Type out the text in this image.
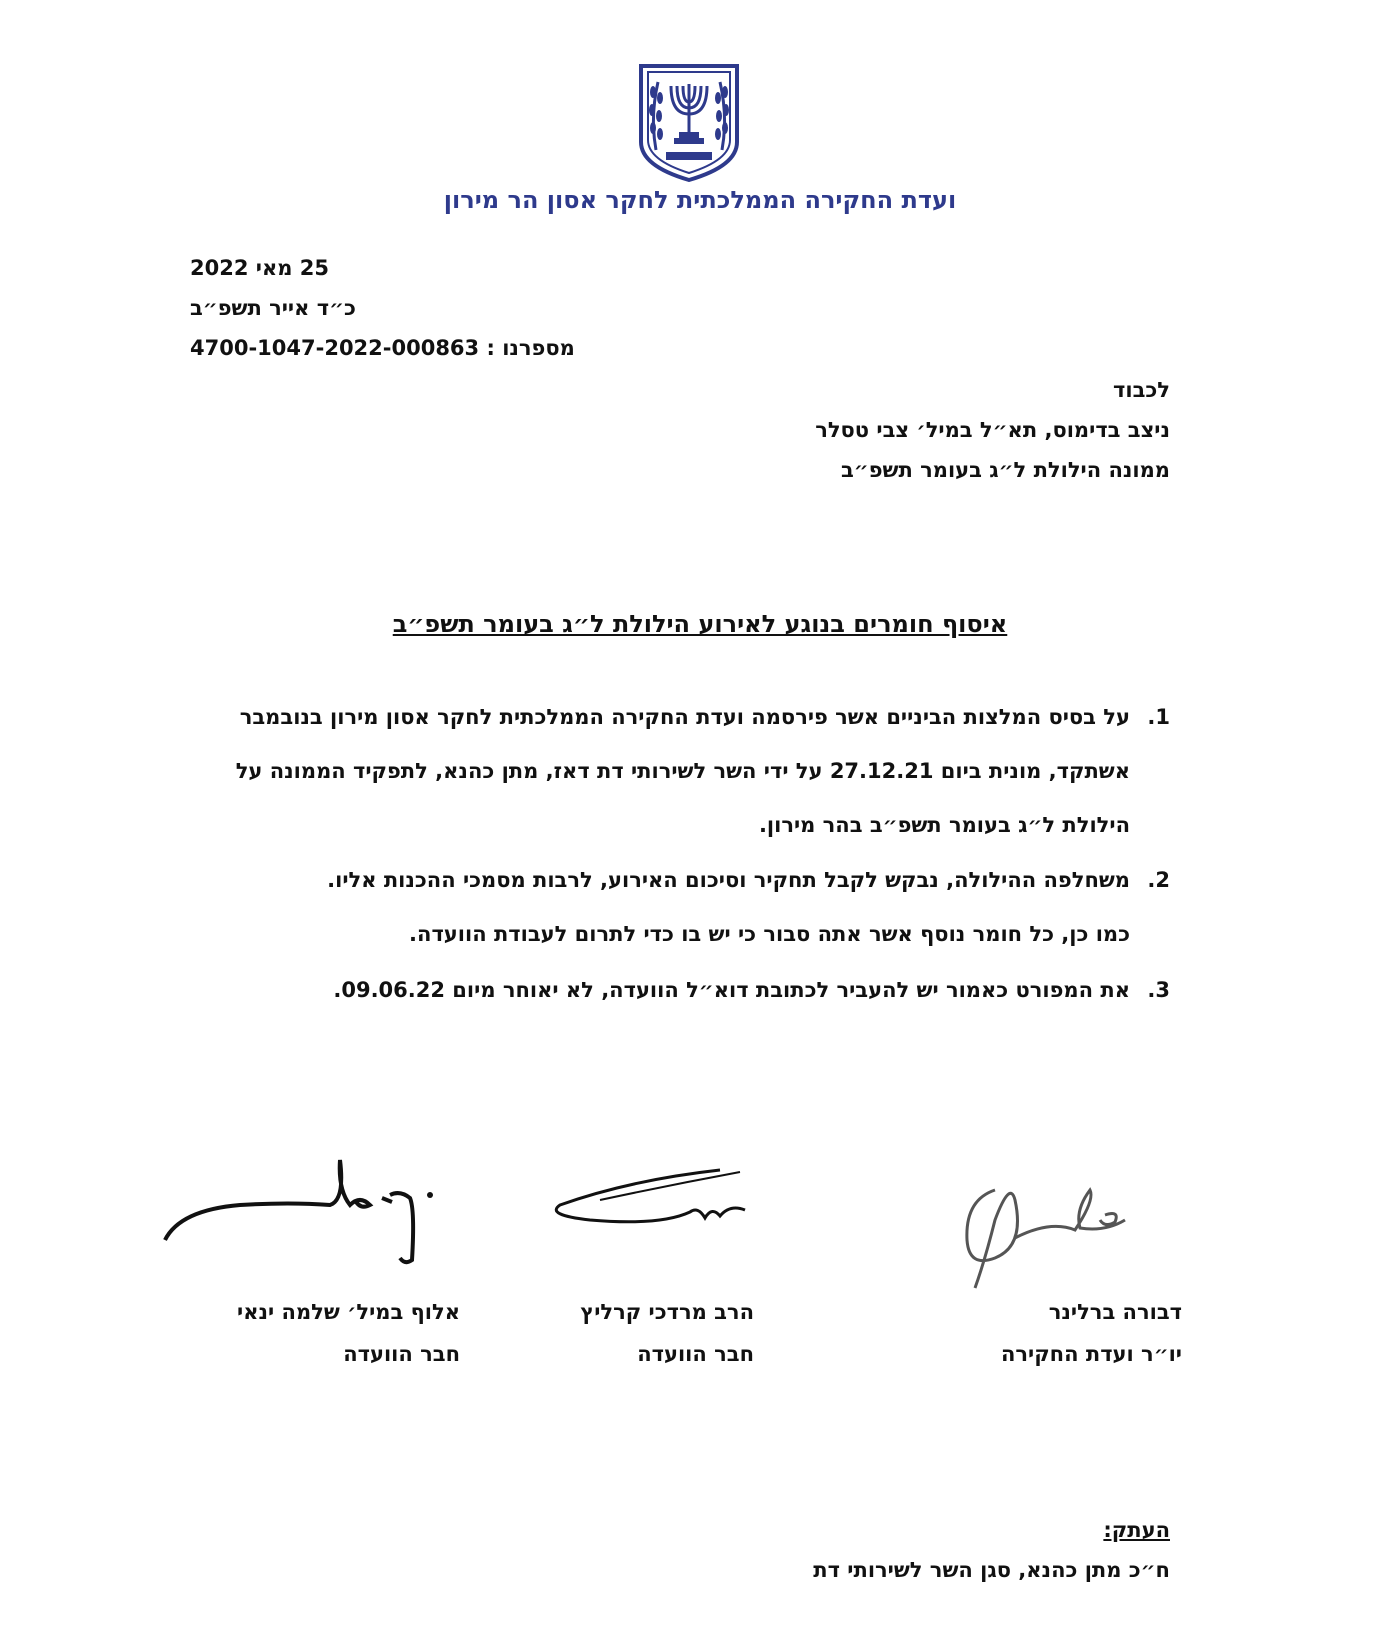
ועדת החקירה הממלכתית לחקר אסון הר מירון
25 מאי 2022
כ״ד אייר תשפ״ב
מספרנו : 4700-1047-2022-000863
לכבוד
ניצב בדימוס, תא״ל במיל׳ צבי טסלר
ממונה הילולת ל״ג בעומר תשפ״ב
איסוף חומרים בנוגע לאירוע הילולת ל״ג בעומר תשפ״ב
1.
על בסיס המלצות הביניים אשר פירסמה ועדת החקירה הממלכתית לחקר אסון מירון בנובמבר
אשתקד, מונית ביום 27.12.21 על ידי השר לשירותי דת דאז, מתן כהנא, לתפקיד הממונה על
הילולת ל״ג בעומר תשפ״ב בהר מירון.
2.
משחלפה ההילולה, נבקש לקבל תחקיר וסיכום האירוע, לרבות מסמכי ההכנות אליו.
כמו כן, כל חומר נוסף אשר אתה סבור כי יש בו כדי לתרום לעבודת הוועדה.
3.
את המפורט כאמור יש להעביר לכתובת דוא״ל הוועדה, לא יאוחר מיום 09.06.22.
דבורה ברלינר
יו״ר ועדת החקירה
הרב מרדכי קרליץ
חבר הוועדה
אלוף במיל׳ שלמה ינאי
חבר הוועדה
העתק:
ח״כ מתן כהנא, סגן השר לשירותי דת
